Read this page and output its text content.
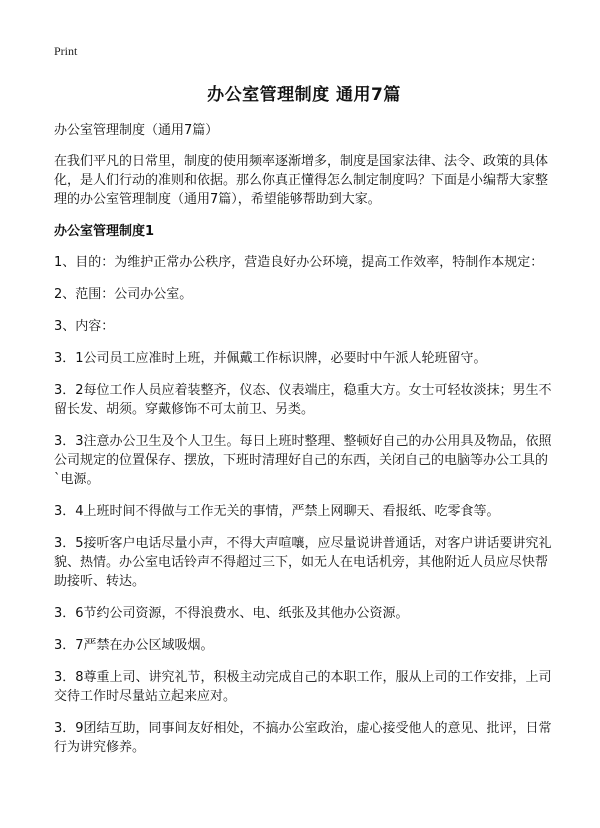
Print
办公室管理制度 通用7篇
办公室管理制度（通用7篇）
在我们平凡的日常里，制度的使用频率逐渐增多，制度是国家法律、法令、政策的具体化，是人们行动的准则和依据。那么你真正懂得怎么制定制度吗？下面是小编帮大家整理的办公室管理制度（通用7篇），希望能够帮助到大家。
办公室管理制度1
1、目的：为维护正常办公秩序，营造良好办公环境，提高工作效率，特制作本规定：
2、范围：公司办公室。
3、内容：
3．1公司员工应准时上班，并佩戴工作标识牌，必要时中午派人轮班留守。
3．2每位工作人员应着装整齐，仪态、仪表端庄，稳重大方。女士可轻妆淡抹；男生不留长发、胡须。穿戴修饰不可太前卫、另类。
3．3注意办公卫生及个人卫生。每日上班时整理、整顿好自己的办公用具及物品，依照公司规定的位置保存、摆放，下班时清理好自己的东西，关闭自己的电脑等办公工具的`电源。
3．4上班时间不得做与工作无关的事情，严禁上网聊天、看报纸、吃零食等。
3．5接听客户电话尽量小声，不得大声喧嚷，应尽量说讲普通话，对客户讲话要讲究礼貌、热情。办公室电话铃声不得超过三下，如无人在电话机旁，其他附近人员应尽快帮助接听、转达。
3．6节约公司资源，不得浪费水、电、纸张及其他办公资源。
3．7严禁在办公区域吸烟。
3．8尊重上司、讲究礼节，积极主动完成自己的本职工作，服从上司的工作安排，上司交待工作时尽量站立起来应对。
3．9团结互助，同事间友好相处，不搞办公室政治，虚心接受他人的意见、批评，日常行为讲究修养。
